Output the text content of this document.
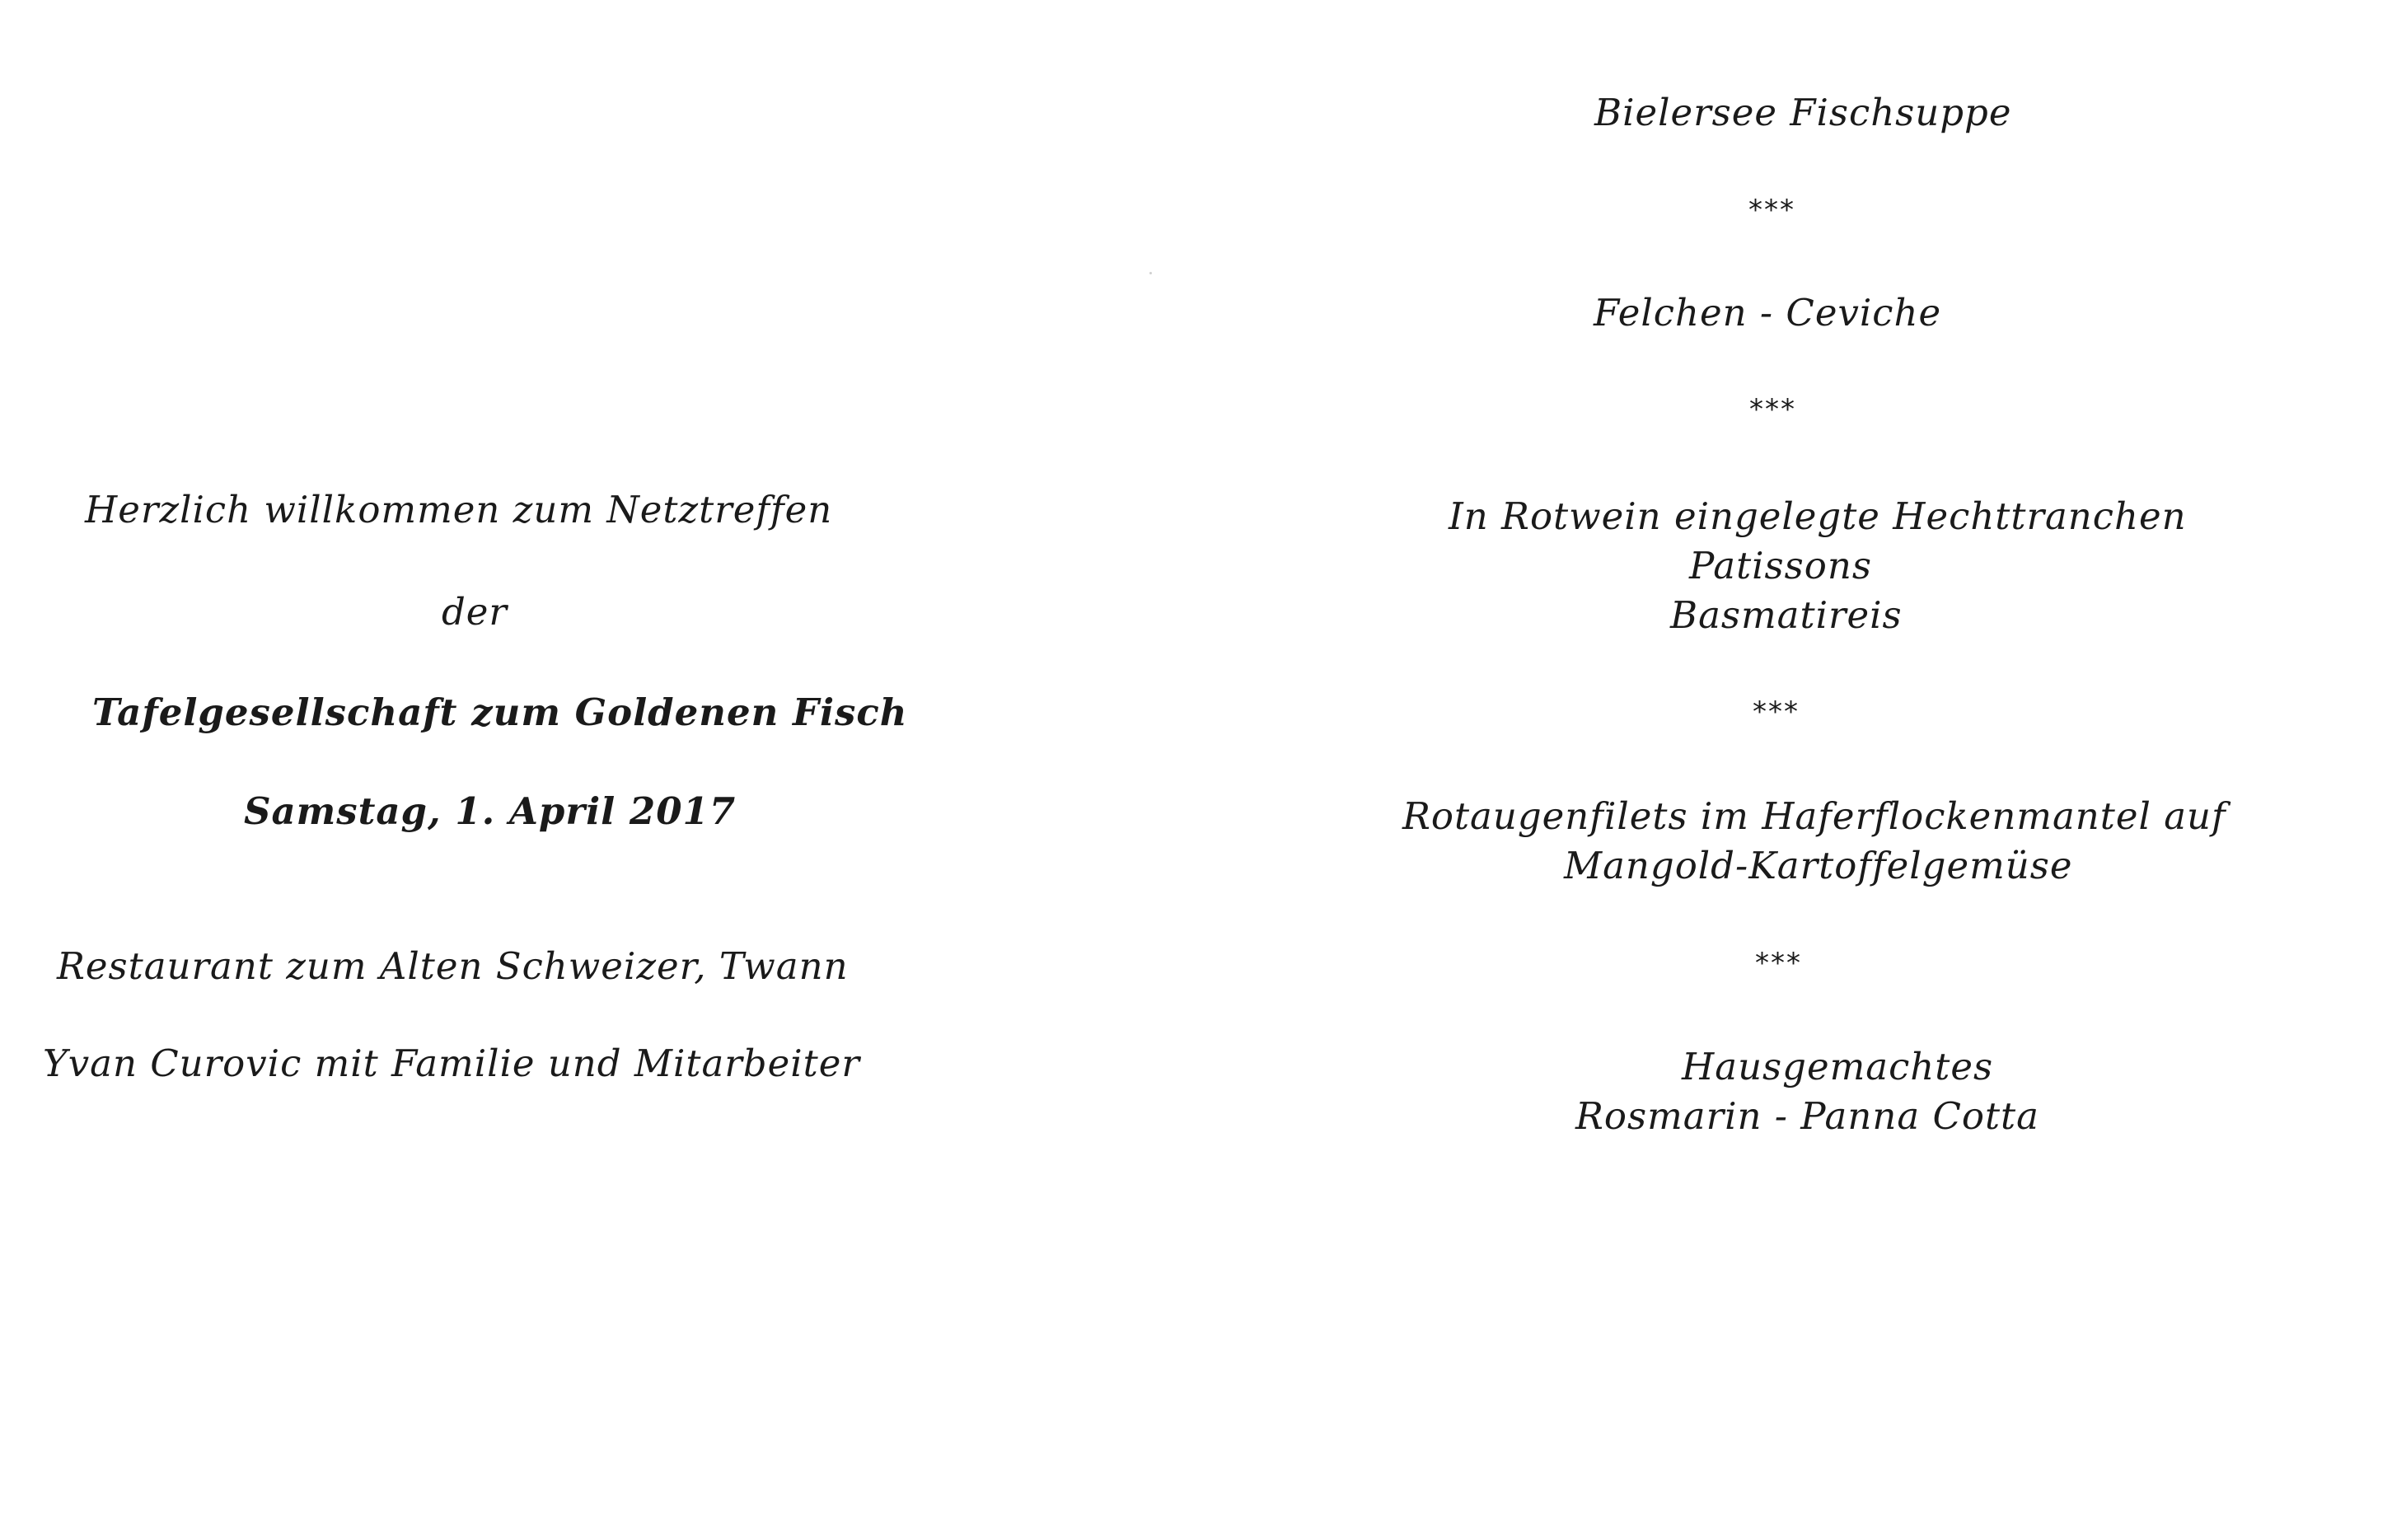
Herzlich willkommen zum Netztreffen
der
Tafelgesellschaft zum Goldenen Fisch
Samstag, 1. April 2017
Restaurant zum Alten Schweizer, Twann
Yvan Curovic mit Familie und Mitarbeiter
Bielersee Fischsuppe
***
Felchen - Ceviche
***
In Rotwein eingelegte Hechttranchen
Patissons
Basmatireis
***
Rotaugenfilets im Haferflockenmantel auf
Mangold-Kartoffelgemüse
***
Hausgemachtes
Rosmarin - Panna Cotta
